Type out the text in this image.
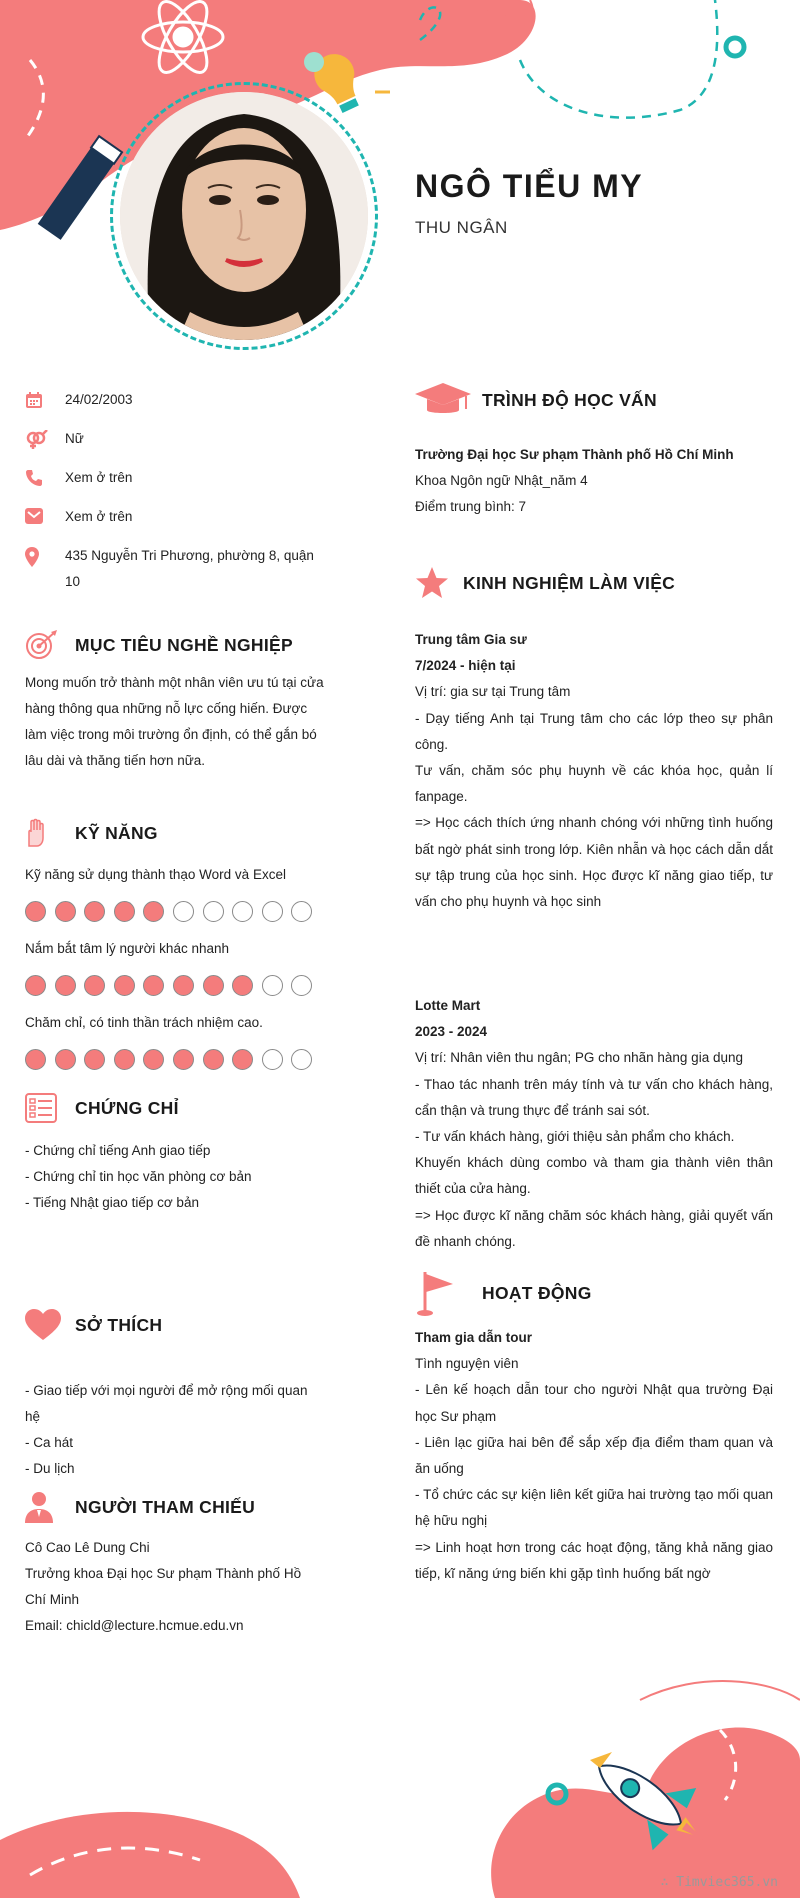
NGÔ TIỂU MY
THU NGÂN
24/02/2003
Nữ
Xem ở trên
Xem ở trên
435 Nguyễn Tri Phương, phường 8, quận 10
MỤC TIÊU NGHỀ NGHIỆP
Mong muốn trở thành một nhân viên ưu tú tại cửa hàng thông qua những nỗ lực cống hiến. Được làm việc trong môi trường ổn định, có thể gắn bó lâu dài và thăng tiến hơn nữa.
KỸ NĂNG
Kỹ năng sử dụng thành thạo Word và Excel
Nắm bắt tâm lý người khác nhanh
Chăm chỉ, có tinh thần trách nhiệm cao.
CHỨNG CHỈ
- Chứng chỉ tiếng Anh giao tiếp
- Chứng chỉ tin học văn phòng cơ bản
- Tiếng Nhật giao tiếp cơ bản
SỞ THÍCH
- Giao tiếp với mọi người để mở rộng mối quan hệ
- Ca hát
- Du lịch
NGƯỜI THAM CHIẾU
Cô Cao Lê Dung Chi
Trưởng khoa Đại học Sư phạm Thành phố Hồ Chí Minh
Email: chicld@lecture.hcmue.edu.vn
TRÌNH ĐỘ HỌC VẤN
Trường Đại học Sư phạm Thành phố Hồ Chí Minh
Khoa Ngôn ngữ Nhật_năm 4
Điểm trung bình: 7
KINH NGHIỆM LÀM VIỆC
Trung tâm Gia sư
7/2024 - hiện tại
Vị trí: gia sư tại Trung tâm
- Dạy tiếng Anh tại Trung tâm cho các lớp theo sự phân công.
Tư vấn, chăm sóc phụ huynh về các khóa học, quản lí fanpage.
=> Học cách thích ứng nhanh chóng với những tình huống bất ngờ phát sinh trong lớp. Kiên nhẫn và học cách dẫn dắt sự tập trung của học sinh. Học được kĩ năng giao tiếp, tư vấn cho phụ huynh và học sinh
Lotte Mart
2023 - 2024
Vị trí: Nhân viên thu ngân; PG cho nhãn hàng gia dụng
- Thao tác nhanh trên máy tính và tư vấn cho khách hàng, cẩn thận và trung thực để tránh sai sót.
- Tư vấn khách hàng, giới thiệu sản phẩm cho khách.
Khuyến khách dùng combo và tham gia thành viên thân thiết của cửa hàng.
=> Học được kĩ năng chăm sóc khách hàng, giải quyết vấn đề nhanh chóng.
HOẠT ĐỘNG
Tham gia dẫn tour
Tình nguyện viên
- Lên kế hoạch dẫn tour cho người Nhật qua trường Đại học Sư phạm
- Liên lạc giữa hai bên để sắp xếp địa điểm tham quan và ăn uống
- Tổ chức các sự kiện liên kết giữa hai trường tạo mối quan hệ hữu nghị
=> Linh hoạt hơn trong các hoạt động, tăng khả năng giao tiếp, kĩ năng ứng biến khi gặp tình huống bất ngờ
∴ Timviec365.vn
